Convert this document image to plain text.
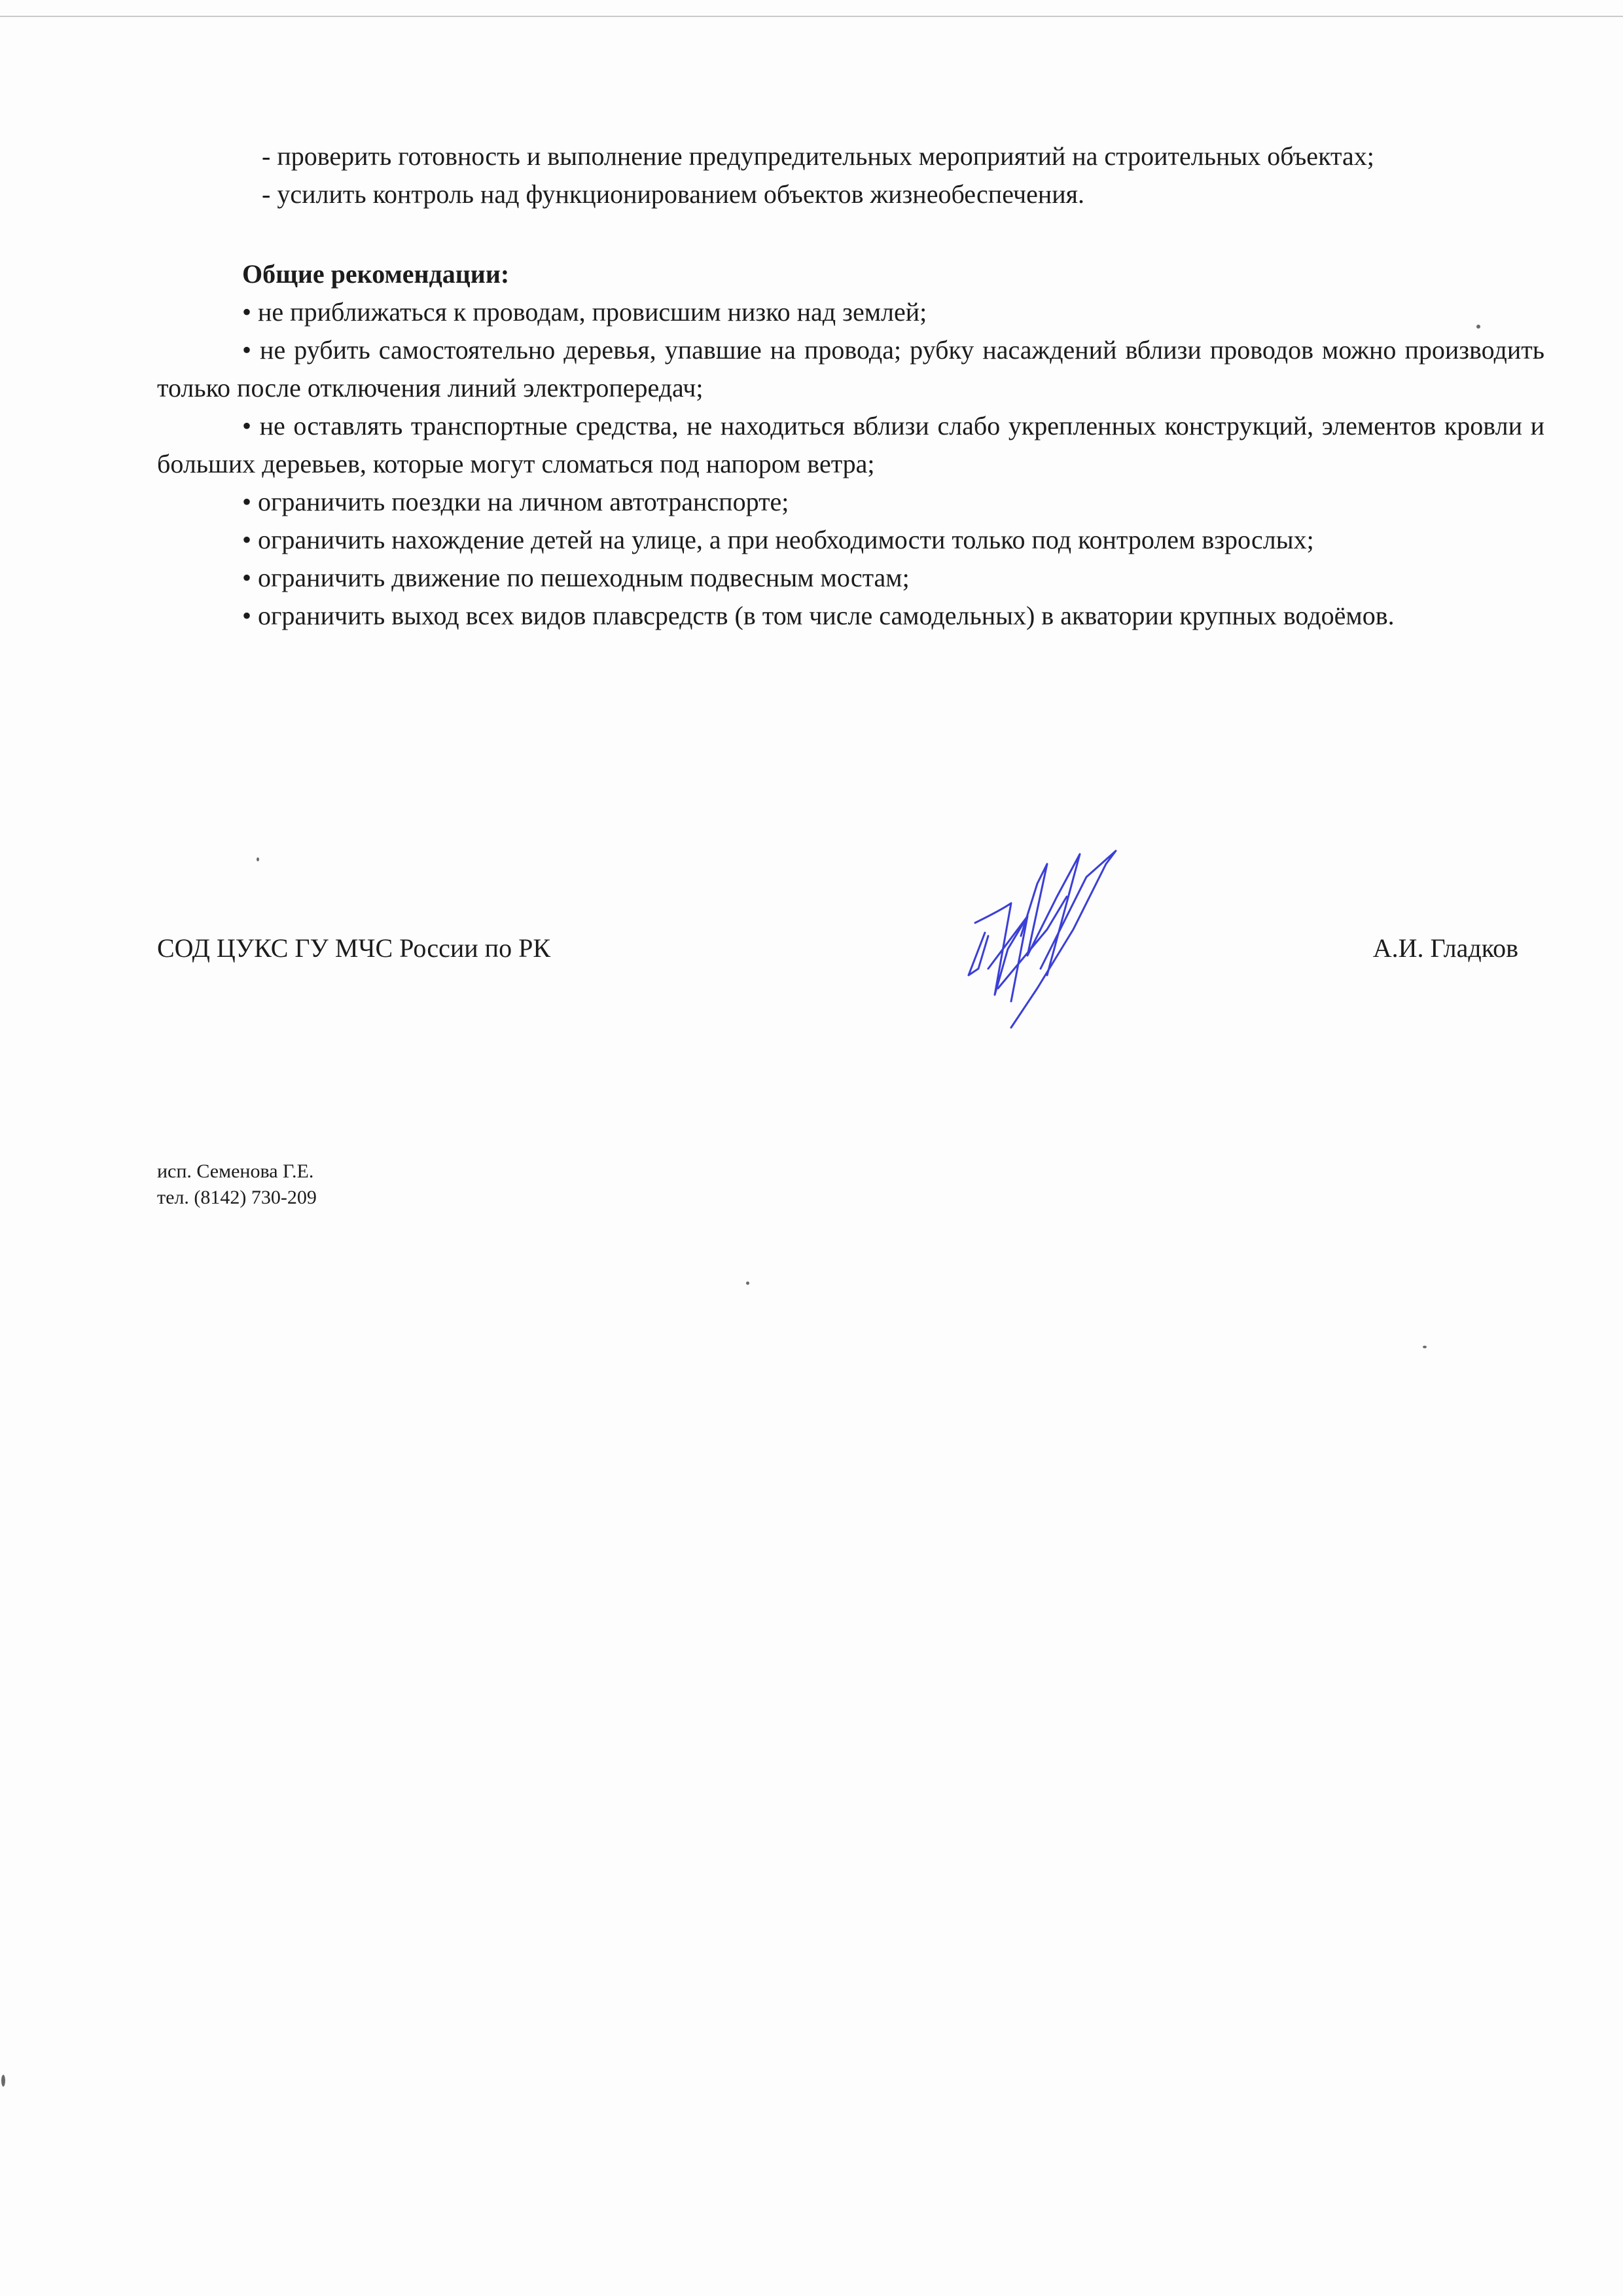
- проверить готовность и выполнение предупредительных мероприятий на строительных объектах;

- усилить контроль над функционированием объектов жизнеобеспечения.

Общие рекомендации:

• не приближаться к проводам, провисшим низко над землей;
• не рубить самостоятельно деревья, упавшие на провода; рубку насаждений вблизи проводов можно производить только после отключения линий электропередач;
• не оставлять транспортные средства, не находиться вблизи слабо укрепленных конструкций, элементов кровли и больших деревьев, которые могут сломаться под напором ветра;
• ограничить поездки на личном автотранспорте;
• ограничить нахождение детей на улице, а при необходимости только под контролем взрослых;
• ограничить движение по пешеходным подвесным мостам;
• ограничить выход всех видов плавсредств (в том числе самодельных) в акватории крупных водоёмов.
СОД ЦУКС ГУ МЧС России по РК	А.И. Гладков
исп. Семенова Г.Е.
тел. (8142) 730-209
